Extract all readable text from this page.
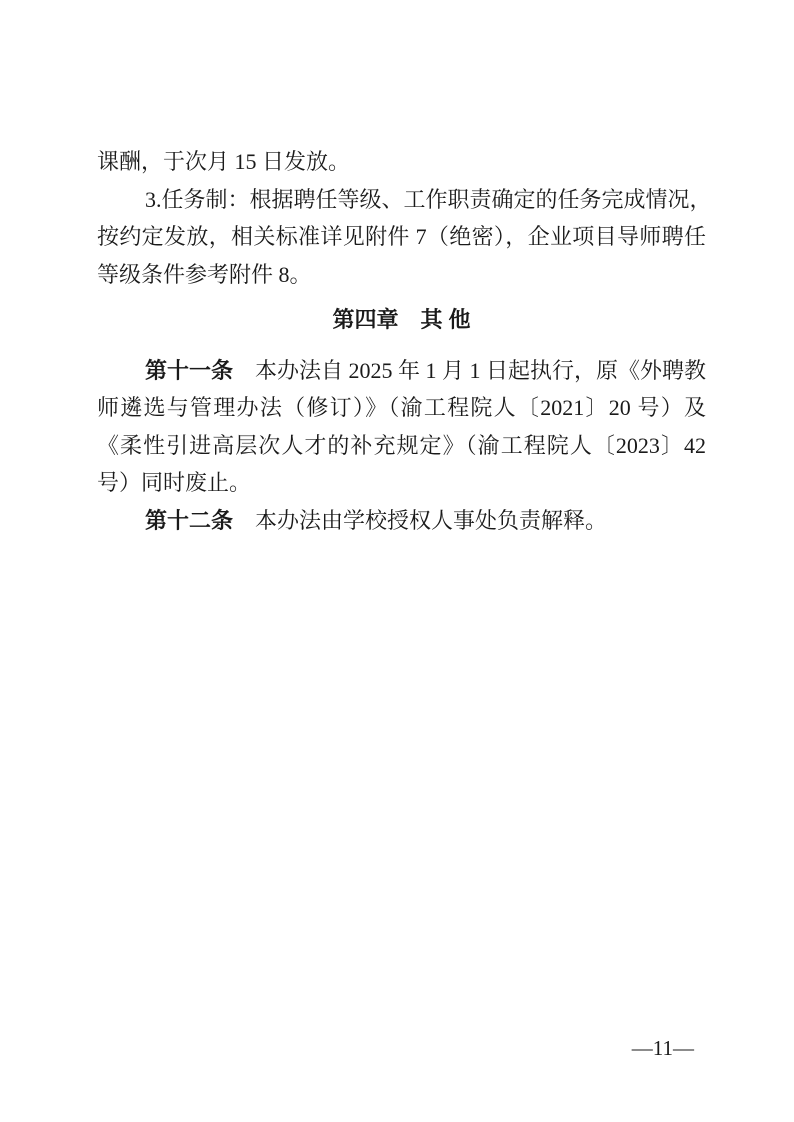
课酬，于次月 15 日发放。
3.任务制：根据聘任等级、工作职责确定的任务完成情况，
按约定发放，相关标准详见附件 7（绝密），企业项目导师聘任
等级条件参考附件 8。
第四章　其 他
第十一条　本办法自 2025 年 1 月 1 日起执行，原《外聘教
师遴选与管理办法（修订）》（渝工程院人〔2021〕20 号）及
《柔性引进高层次人才的补充规定》（渝工程院人〔2023〕42
号）同时废止。
第十二条　本办法由学校授权人事处负责解释。
—11—
